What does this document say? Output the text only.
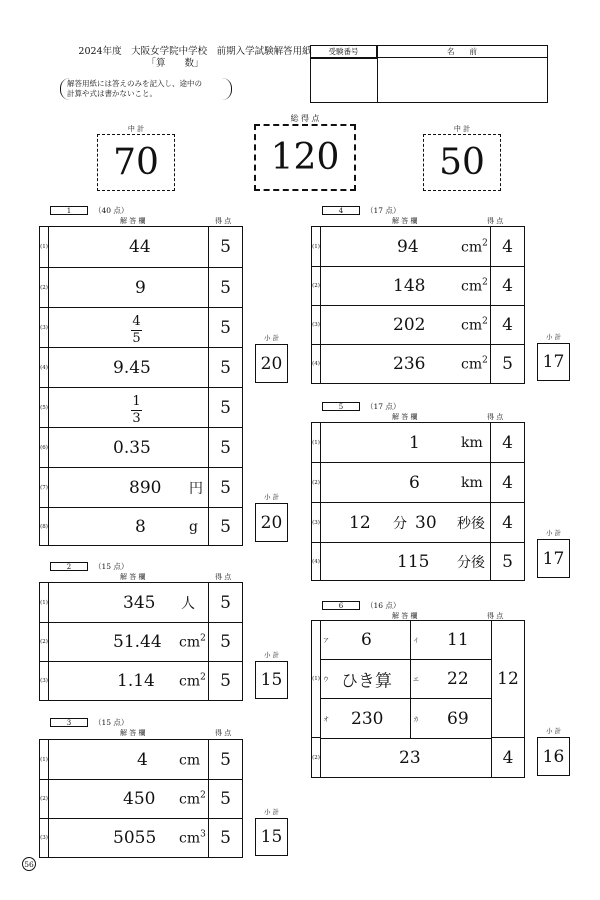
2024年度　大阪女学院中学校　前期入学試験解答用紙
「算　　数」
解答用紙には答えのみを記入し、途中の
計算や式は書かないこと。
受験番号	名　　前
中 計
70
総 得 点
120
中 計
50
1	（40 点）
解 答 欄	得 点
(1)	44	5
(2)	9	5
(3)	$\frac{4}{5}$	5
(4)	9.45	5
(5)	$\frac{1}{3}$	5
(6)	0.35	5
(7)	890 円	5
(8)	8	g	5
小 計
20
小 計
20
2	（15 点）
解 答 欄	得 点
(1)	345 人	5
(2)	51.44 $cm^2$ 5
(3)	1.14 $cm^2$ 5
小 計
15
3	（15 点）
解 答 欄	得 点
(1)	4 cm	5
(2)	450 $cm^2$ 5
(3)	5055 $cm^3$ 5
小 計
15
4	（17 点）
解 答 欄	得 点
(1)	94	$cm^2$ 4
(2)	148	$cm^2$ 4
(3)	202	$cm^2$ 4
(4)	236	$cm^2$ 5
小 計
17
5	（17 点）
解 答 欄	得 点
(1)	1	km	4
(2)	6	km	4
(3) 12 分 30 秒後	4
(4)	115 分後	5
小 計
17
6	（16 点）
解 答 欄	得 点
(1)
ア 6	イ 11
ウ ひき算	エ 22
オ 230	カ 69
12
(2)	23	4
小 計
16
56
